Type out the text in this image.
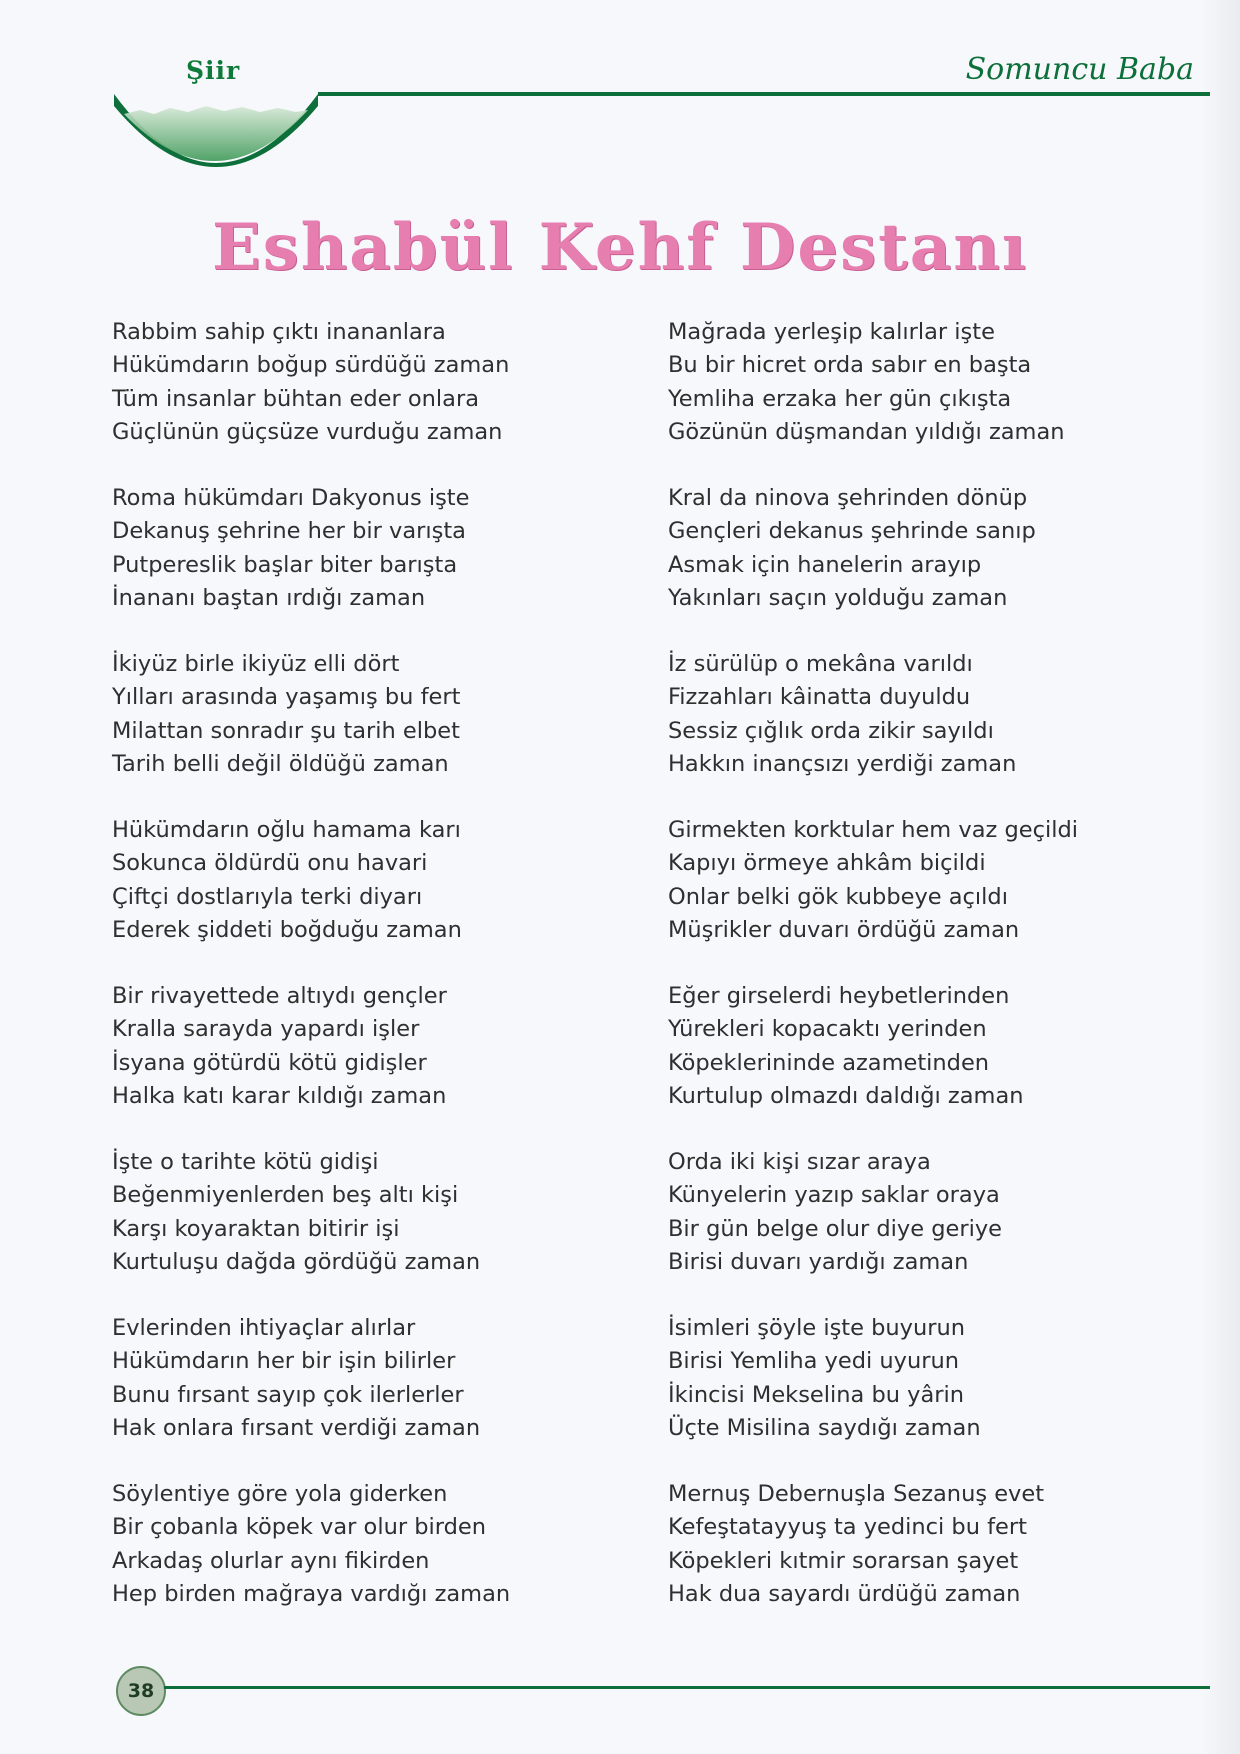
Şiir	Somuncu Baba
Eshabül Kehf Destanı
Rabbim sahip çıktı inananlara
Hükümdarın boğup sürdüğü zaman
Tüm insanlar bühtan eder onlara
Güçlünün güçsüze vurduğu zaman
Roma hükümdarı Dakyonus işte
Dekanuş şehrine her bir varışta
Putpereslik başlar biter barışta
İnananı baştan ırdığı zaman
İkiyüz birle ikiyüz elli dört
Yılları arasında yaşamış bu fert
Milattan sonradır şu tarih elbet
Tarih belli değil öldüğü zaman
Hükümdarın oğlu hamama karı
Sokunca öldürdü onu havari
Çiftçi dostlarıyla terki diyarı
Ederek şiddeti boğduğu zaman
Bir rivayettede altıydı gençler
Kralla sarayda yapardı işler
İsyana götürdü kötü gidişler
Halka katı karar kıldığı zaman
İşte o tarihte kötü gidişi
Beğenmiyenlerden beş altı kişi
Karşı koyaraktan bitirir işi
Kurtuluşu dağda gördüğü zaman
Evlerinden ihtiyaçlar alırlar
Hükümdarın her bir işin bilirler
Bunu fırsant sayıp çok ilerlerler
Hak onlara fırsant verdiği zaman
Söylentiye göre yola giderken
Bir çobanla köpek var olur birden
Arkadaş olurlar aynı fikirden
Hep birden mağraya vardığı zaman
Mağrada yerleşip kalırlar işte
Bu bir hicret orda sabır en başta
Yemliha erzaka her gün çıkışta
Gözünün düşmandan yıldığı zaman
Kral da ninova şehrinden dönüp
Gençleri dekanus şehrinde sanıp
Asmak için hanelerin arayıp
Yakınları saçın yolduğu zaman
İz sürülüp o mekâna varıldı
Fizzahları kâinatta duyuldu
Sessiz çığlık orda zikir sayıldı
Hakkın inançsızı yerdiği zaman
Girmekten korktular hem vaz geçildi
Kapıyı örmeye ahkâm biçildi
Onlar belki gök kubbeye açıldı
Müşrikler duvarı ördüğü zaman
Eğer girselerdi heybetlerinden
Yürekleri kopacaktı yerinden
Köpeklerininde azametinden
Kurtulup olmazdı daldığı zaman
Orda iki kişi sızar araya
Künyelerin yazıp saklar oraya
Bir gün belge olur diye geriye
Birisi duvarı yardığı zaman
İsimleri şöyle işte buyurun
Birisi Yemliha yedi uyurun
İkincisi Mekselina bu yârin
Üçte Misilina saydığı zaman
Mernuş Debernuşla Sezanuş evet
Kefeştatayyuş ta yedinci bu fert
Köpekleri kıtmir sorarsan şayet
Hak dua sayardı ürdüğü zaman
38
